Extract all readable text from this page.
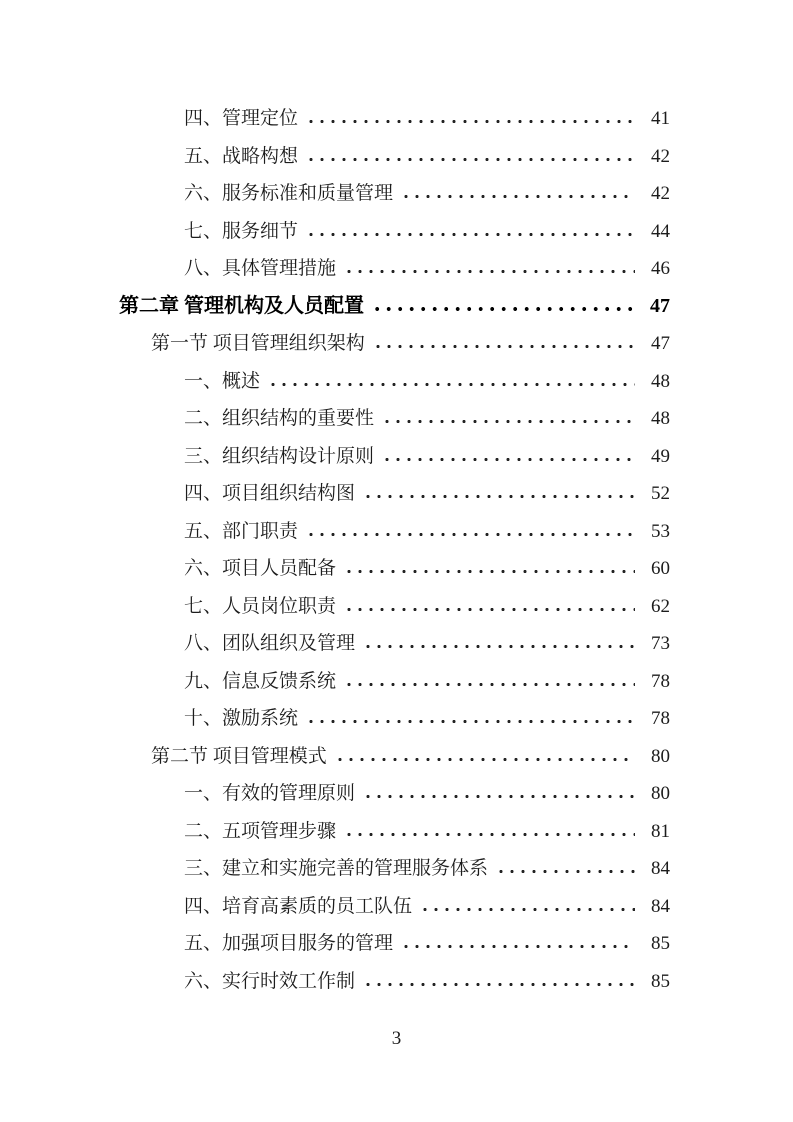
四、管理定位	41
五、战略构想	42
六、服务标准和质量管理	42
七、服务细节	44
八、具体管理措施	46
第二章 管理机构及人员配置	47
第一节 项目管理组织架构	47
一、概述	48
二、组织结构的重要性	48
三、组织结构设计原则	49
四、项目组织结构图	52
五、部门职责	53
六、项目人员配备	60
七、人员岗位职责	62
八、团队组织及管理	73
九、信息反馈系统	78
十、激励系统	78
第二节 项目管理模式	80
一、有效的管理原则	80
二、五项管理步骤	81
三、建立和实施完善的管理服务体系	84
四、培育高素质的员工队伍	84
五、加强项目服务的管理	85
六、实行时效工作制	85
3
